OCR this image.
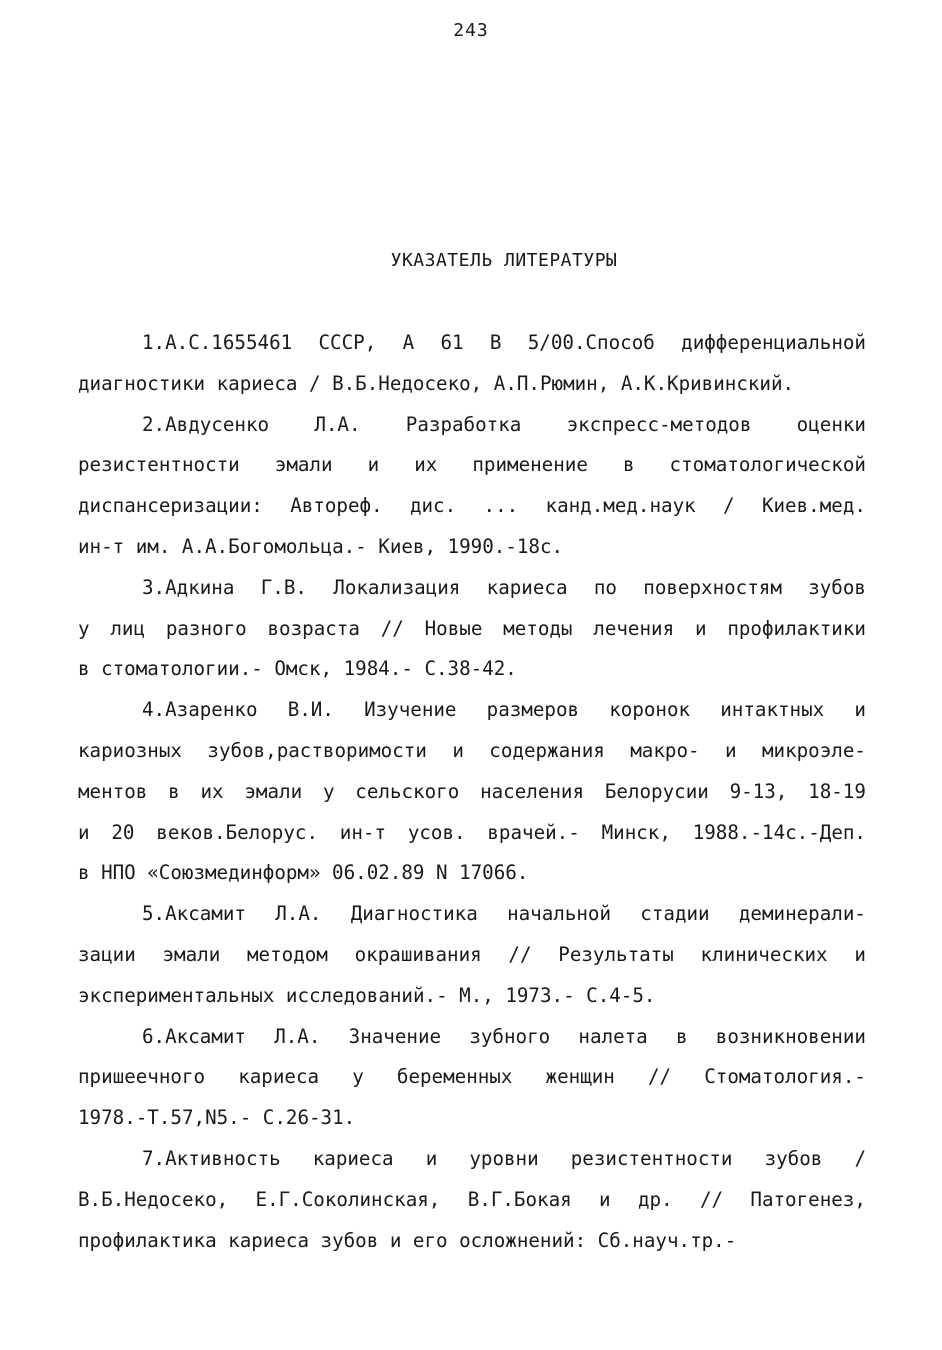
243
УКАЗАТЕЛЬ ЛИТЕРАТУРЫ
1.А.С.1655461 СССР, А 61 В 5/00.Способ дифференциальной
диагностики кариеса / В.Б.Недосеко, А.П.Рюмин, А.К.Кривинский.
2.Авдусенко Л.А. Разработка экспресс-методов оценки
резистентности эмали и их применение в стоматологической
диспансеризации: Автореф. дис. ... канд.мед.наук / Киев.мед.
ин-т им. А.А.Богомольца.- Киев, 1990.-18с.
3.Адкина Г.В. Локализация кариеса по поверхностям зубов
у лиц разного возраста // Новые методы лечения и профилактики
в стоматологии.- Омск, 1984.- С.38-42.
4.Азаренко В.И. Изучение размеров коронок интактных и
кариозных зубов,растворимости и содержания макро- и микроэле-
ментов в их эмали у сельского населения Белорусии 9-13, 18-19
и 20 веков.Белорус. ин-т усов. врачей.- Минск, 1988.-14с.-Деп.
в НПО «Союзмединформ» 06.02.89 N 17066.
5.Аксамит Л.А. Диагностика начальной стадии деминерали-
зации эмали методом окрашивания // Результаты клинических и
экспериментальных исследований.- М., 1973.- С.4-5.
6.Аксамит Л.А. Значение зубного налета в возникновении
пришеечного кариеса у беременных женщин // Стоматология.-
1978.-Т.57,N5.- С.26-31.
7.Активность кариеса и уровни резистентности зубов /
В.Б.Недосеко, Е.Г.Соколинская, В.Г.Бокая и др. // Патогенез,
профилактика кариеса зубов и его осложнений: Сб.науч.тр.-
